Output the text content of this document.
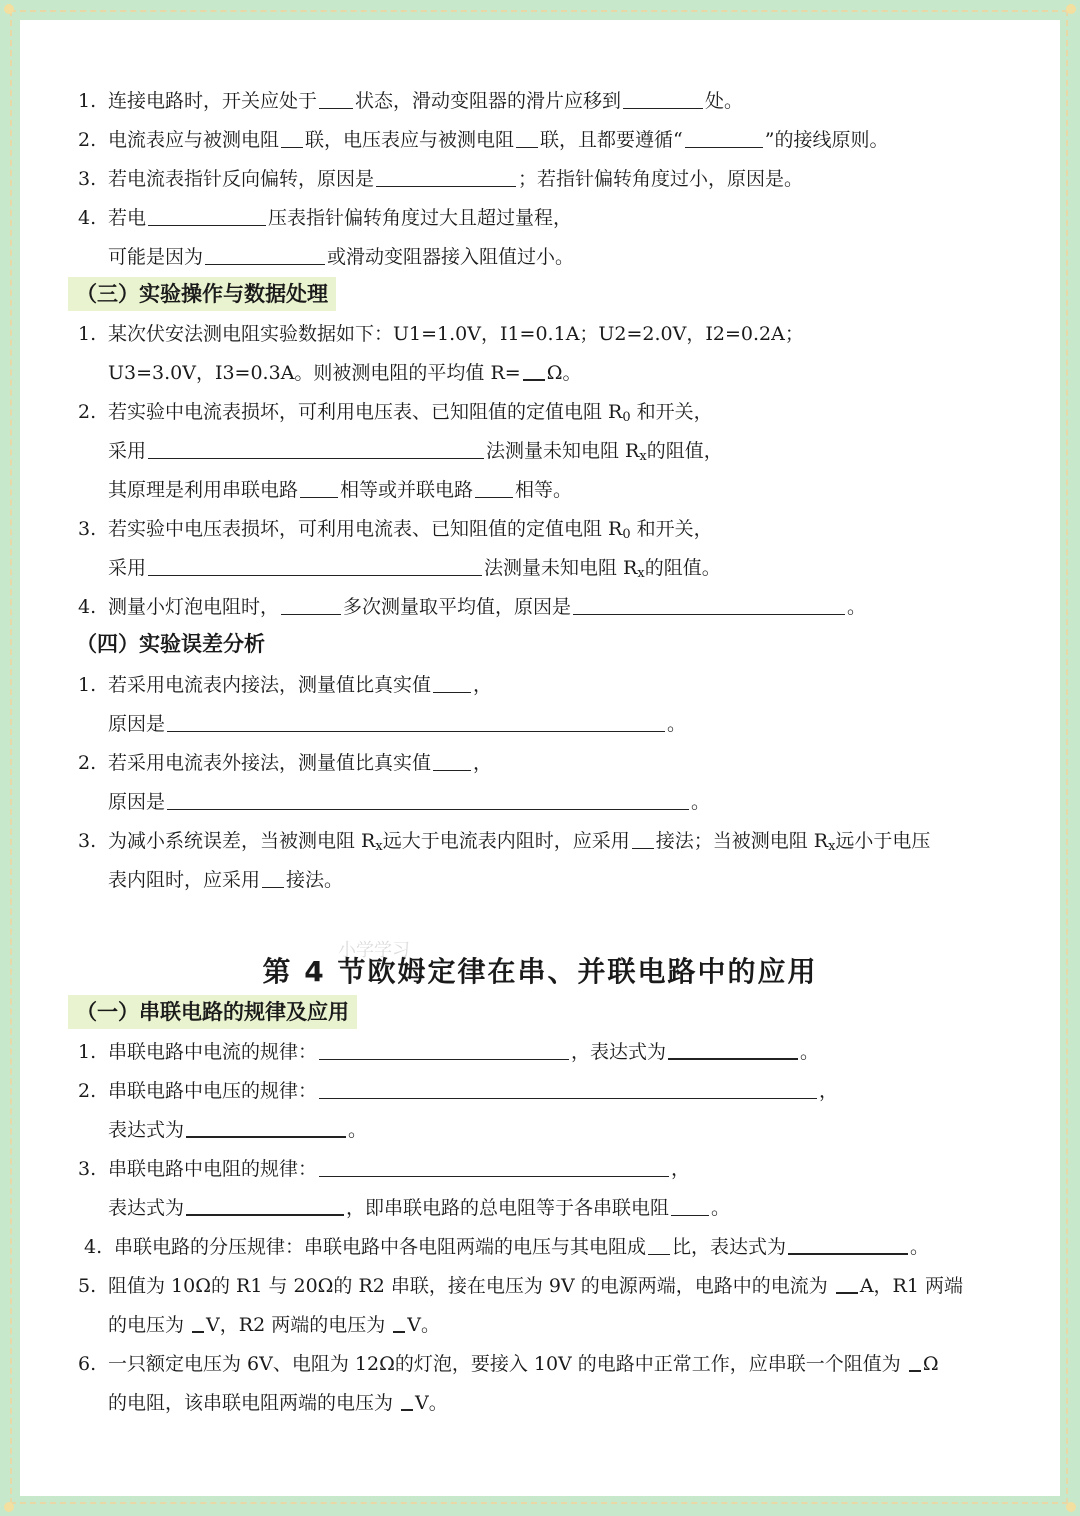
1. 连接电路时，开关应处于 状态，滑动变阻器的滑片应移到	处。
2. 电流表应与被测电阻 联，电压表应与被测电阻 联，且都要遵循“	”的接线原则。
3. 若电流表指针反向偏转，原因是	；若指针偏转角度过小，原因是。
4. 若电	压表指针偏转角度过大且超过量程，
可能是因为	或滑动变阻器接入阻值过小。
（三）实验操作与数据处理
1. 某次伏安法测电阻实验数据如下：U1=1.0V，I1=0.1A；U2=2.0V，I2=0.2A；
U3=3.0V，I3=0.3A。则被测电阻的平均值 R= Ω。
2. 若实验中电流表损坏，可利用电压表、已知阻值的定值电阻 $R_0$ 和开关，
采用	法测量未知电阻 $R_x$的阻值，
其原理是利用串联电路 相等或并联电路 相等。
3. 若实验中电压表损坏，可利用电流表、已知阻值的定值电阻 $R_0$ 和开关，
采用	法测量未知电阻 $R_x$的阻值。
4. 测量小灯泡电阻时，	多次测量取平均值，原因是	。
（四）实验误差分析
1. 若采用电流表内接法，测量值比真实值 ，
原因是	。
2. 若采用电流表外接法，测量值比真实值 ，
原因是	。
3. 为减小系统误差，当被测电阻 $R_x$远大于电流表内阻时，应采用 接法；当被测电阻 $R_x$远小于电压
表内阻时，应采用 接法。
小学学习
第 4 节欧姆定律在串、并联电路中的应用
（一）串联电路的规律及应用
1. 串联电路中电流的规律：	，表达式为	。
2. 串联电路中电压的规律：	，
表达式为	。
3. 串联电路中电阻的规律：	，
表达式为	，即串联电路的总电阻等于各串联电阻 。
4. 串联电路的分压规律：串联电路中各电阻两端的电压与其电阻成 比，表达式为	。
5. 阻值为 10Ω的 R1 与 20Ω的 R2 串联，接在电压为 9V 的电源两端，电路中的电流为 A，R1 两端
的电压为 V，R2 两端的电压为 V。
6. 一只额定电压为 6V、电阻为 12Ω的灯泡，要接入 10V 的电路中正常工作，应串联一个阻值为 Ω
的电阻，该串联电阻两端的电压为 V。
